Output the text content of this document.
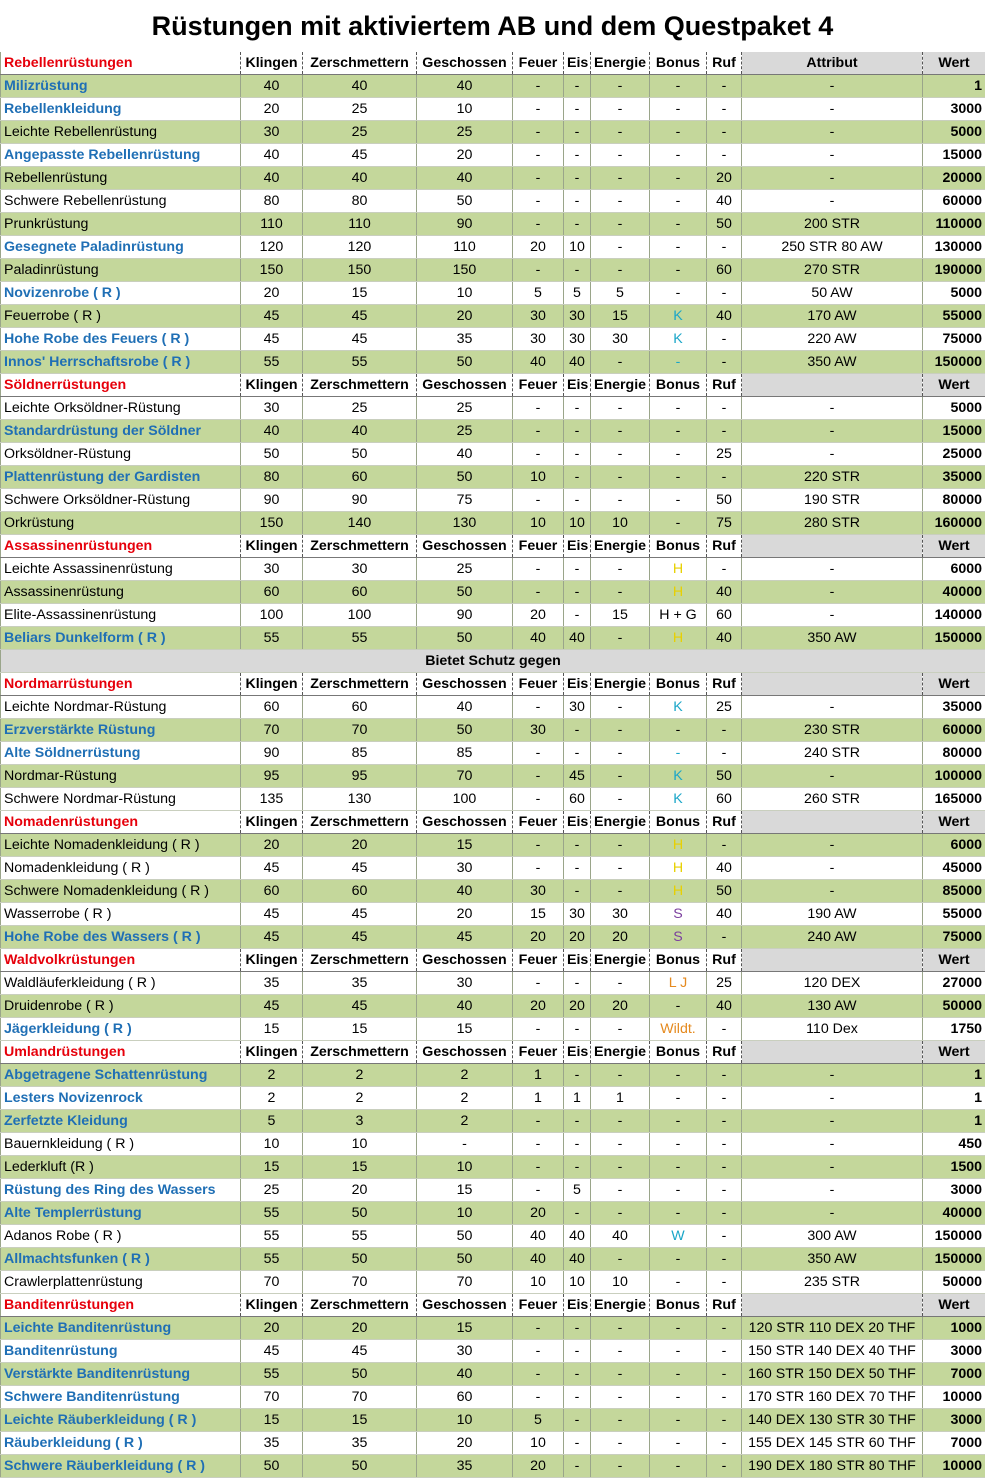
Rüstungen mit aktiviertem AB und dem Questpaket 4
Rebellenrüstungen	Klingen	Zerschmettern	Geschossen	Feuer	Eis	Energie	Bonus	Ruf	Attribut	Wert
Milizrüstung	40	40	40	-	-	-	-	-	-	1
Rebellenkleidung	20	25	10	-	-	-	-	-	-	3000
Leichte Rebellenrüstung	30	25	25	-	-	-	-	-	-	5000
Angepasste Rebellenrüstung	40	45	20	-	-	-	-	-	-	15000
Rebellenrüstung	40	40	40	-	-	-	-	20	-	20000
Schwere Rebellenrüstung	80	80	50	-	-	-	-	40	-	60000
Prunkrüstung	110	110	90	-	-	-	-	50	200 STR	110000
Gesegnete Paladinrüstung	120	120	110	20	10	-	-	-	250 STR 80 AW	130000
Paladinrüstung	150	150	150	-	-	-	-	60	270 STR	190000
Novizenrobe ( R )	20	15	10	5	5	5	-	-	50 AW	5000
Feuerrobe ( R )	45	45	20	30	30	15	K	40	170 AW	55000
Hohe Robe des Feuers ( R )	45	45	35	30	30	30	K	-	220 AW	75000
Innos' Herrschaftsrobe ( R )	55	55	50	40	40	-	-	-	350 AW	150000
Söldnerrüstungen	Klingen	Zerschmettern	Geschossen	Feuer	Eis	Energie	Bonus	Ruf		Wert
Leichte Orksöldner-Rüstung	30	25	25	-	-	-	-	-	-	5000
Standardrüstung der Söldner	40	40	25	-	-	-	-	-	-	15000
Orksöldner-Rüstung	50	50	40	-	-	-	-	25	-	25000
Plattenrüstung der Gardisten	80	60	50	10	-	-	-	-	220 STR	35000
Schwere Orksöldner-Rüstung	90	90	75	-	-	-	-	50	190 STR	80000
Orkrüstung	150	140	130	10	10	10	-	75	280 STR	160000
Assassinenrüstungen	Klingen	Zerschmettern	Geschossen	Feuer	Eis	Energie	Bonus	Ruf		Wert
Leichte Assassinenrüstung	30	30	25	-	-	-	H	-	-	6000
Assassinenrüstung	60	60	50	-	-	-	H	40	-	40000
Elite-Assassinenrüstung	100	100	90	20	-	15	H + G	60	-	140000
Beliars Dunkelform ( R )	55	55	50	40	40	-	H	40	350 AW	150000
Bietet Schutz gegen										
Nordmarrüstungen	Klingen	Zerschmettern	Geschossen	Feuer	Eis	Energie	Bonus	Ruf		Wert
Leichte Nordmar-Rüstung	60	60	40	-	30	-	K	25	-	35000
Erzverstärkte Rüstung	70	70	50	30	-	-	-	-	230 STR	60000
Alte Söldnerrüstung	90	85	85	-	-	-	-	-	240 STR	80000
Nordmar-Rüstung	95	95	70	-	45	-	K	50	-	100000
Schwere Nordmar-Rüstung	135	130	100	-	60	-	K	60	260 STR	165000
Nomadenrüstungen	Klingen	Zerschmettern	Geschossen	Feuer	Eis	Energie	Bonus	Ruf		Wert
Leichte Nomadenkleidung ( R )	20	20	15	-	-	-	H	-	-	6000
Nomadenkleidung ( R )	45	45	30	-	-	-	H	40	-	45000
Schwere Nomadenkleidung ( R )	60	60	40	30	-	-	H	50	-	85000
Wasserrobe ( R )	45	45	20	15	30	30	S	40	190 AW	55000
Hohe Robe des Wassers ( R )	45	45	45	20	20	20	S	-	240 AW	75000
Waldvolkrüstungen	Klingen	Zerschmettern	Geschossen	Feuer	Eis	Energie	Bonus	Ruf		Wert
Waldläuferkleidung ( R )	35	35	30	-	-	-	L J	25	120 DEX	27000
Druidenrobe ( R )	45	45	40	20	20	20	-	40	130 AW	50000
Jägerkleidung ( R )	15	15	15	-	-	-	Wildt.	-	110 Dex	1750
Umlandrüstungen	Klingen	Zerschmettern	Geschossen	Feuer	Eis	Energie	Bonus	Ruf		Wert
Abgetragene Schattenrüstung	2	2	2	1	-	-	-	-	-	1
Lesters Novizenrock	2	2	2	1	1	1	-	-	-	1
Zerfetzte Kleidung	5	3	2	-	-	-	-	-	-	1
Bauernkleidung ( R )	10	10	-	-	-	-	-	-	-	450
Lederkluft (R )	15	15	10	-	-	-	-	-	-	1500
Rüstung des Ring des Wassers	25	20	15	-	5	-	-	-	-	3000
Alte Templerrüstung	55	50	10	20	-	-	-	-	-	40000
Adanos Robe ( R )	55	55	50	40	40	40	W	-	300 AW	150000
Allmachtsfunken ( R )	55	50	50	40	40	-	-	-	350 AW	150000
Crawlerplattenrüstung	70	70	70	10	10	10	-	-	235 STR	50000
Banditenrüstungen	Klingen	Zerschmettern	Geschossen	Feuer	Eis	Energie	Bonus	Ruf		Wert
Leichte Banditenrüstung	20	20	15	-	-	-	-	-	120 STR 110 DEX 20 THF	1000
Banditenrüstung	45	45	30	-	-	-	-	-	150 STR 140 DEX 40 THF	3000
Verstärkte Banditenrüstung	55	50	40	-	-	-	-	-	160 STR 150 DEX 50 THF	7000
Schwere Banditenrüstung	70	70	60	-	-	-	-	-	170 STR 160 DEX 70 THF	10000
Leichte Räuberkleidung ( R )	15	15	10	5	-	-	-	-	140 DEX 130 STR 30 THF	3000
Räuberkleidung ( R )	35	35	20	10	-	-	-	-	155 DEX 145 STR 60 THF	7000
Schwere Räuberkleidung ( R )	50	50	35	20	-	-	-	-	190 DEX 180 STR 80 THF	10000
